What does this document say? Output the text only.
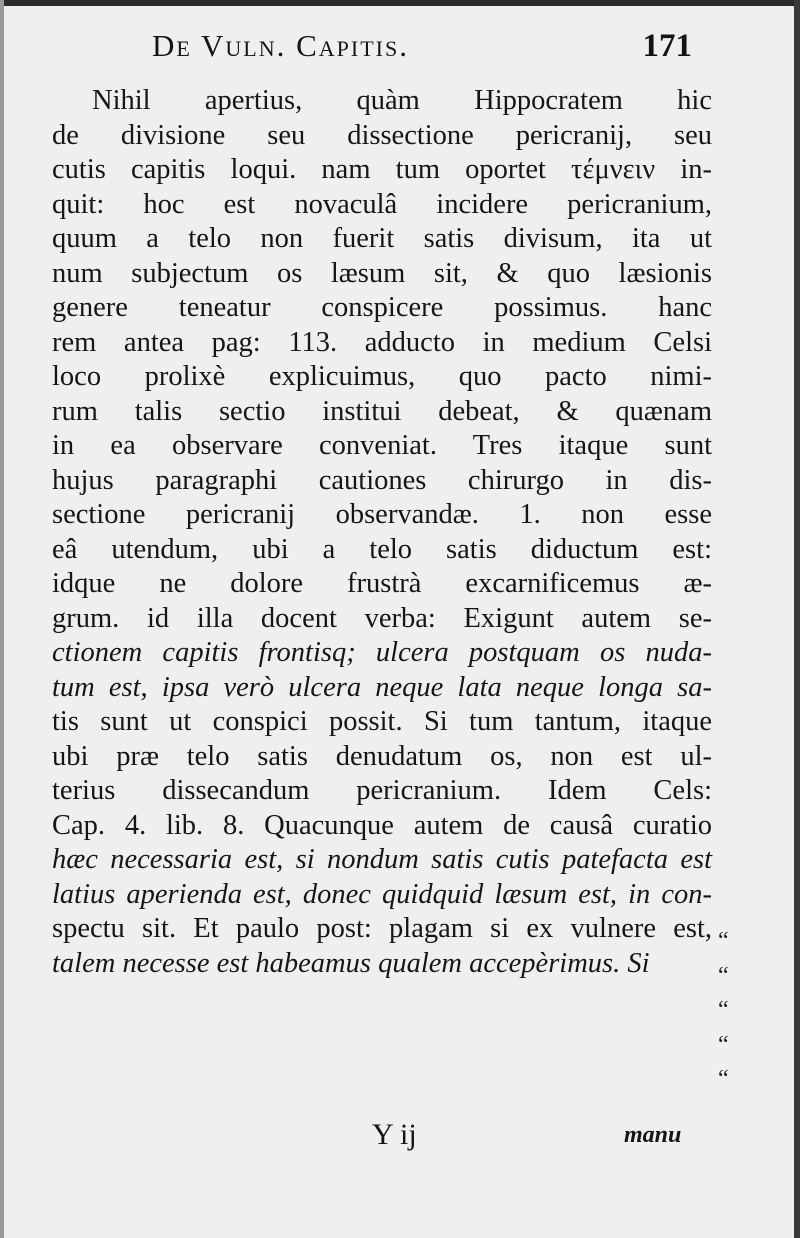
De Vuln. Capitis.	171
Nihil apertius, quàm Hippocratem hic
de divisione seu dissectione pericranij, seu
cutis capitis loqui. nam tum oportet τέμνειν in-
quit: hoc est novaculâ incidere pericranium,
quum a telo non fuerit satis divisum, ita ut
num subjectum os læsum sit, & quo læsionis
genere teneatur conspicere possimus. hanc
rem antea pag: 113. adducto in medium Celsi
loco prolixè explicuimus, quo pacto nimi-
rum talis sectio institui debeat, & quænam
in ea observare conveniat. Tres itaque sunt
hujus paragraphi cautiones chirurgo in dis-
sectione pericranij observandæ. 1. non esse
eâ utendum, ubi a telo satis diductum est:
idque ne dolore frustrà excarnificemus æ-
grum. id illa docent verba: Exigunt autem se-
ctionem capitis frontisq; ulcera postquam os nuda-
tum est, ipsa verò ulcera neque lata neque longa sa-
tis sunt ut conspici possit. Si tum tantum, itaque
ubi præ telo satis denudatum os, non est ul-
terius dissecandum pericranium. Idem Cels:
Cap. 4. lib. 8. Quacunque autem de causâ curatio
hæc necessaria est, si nondum satis cutis patefacta est
latius aperienda est, donec quidquid læsum est, in con-
spectu sit. Et paulo post: plagam si ex vulnere est,
talem necesse est habeamus qualem accepèrimus. Si
“
“
“
“
“
Y ij	manu
